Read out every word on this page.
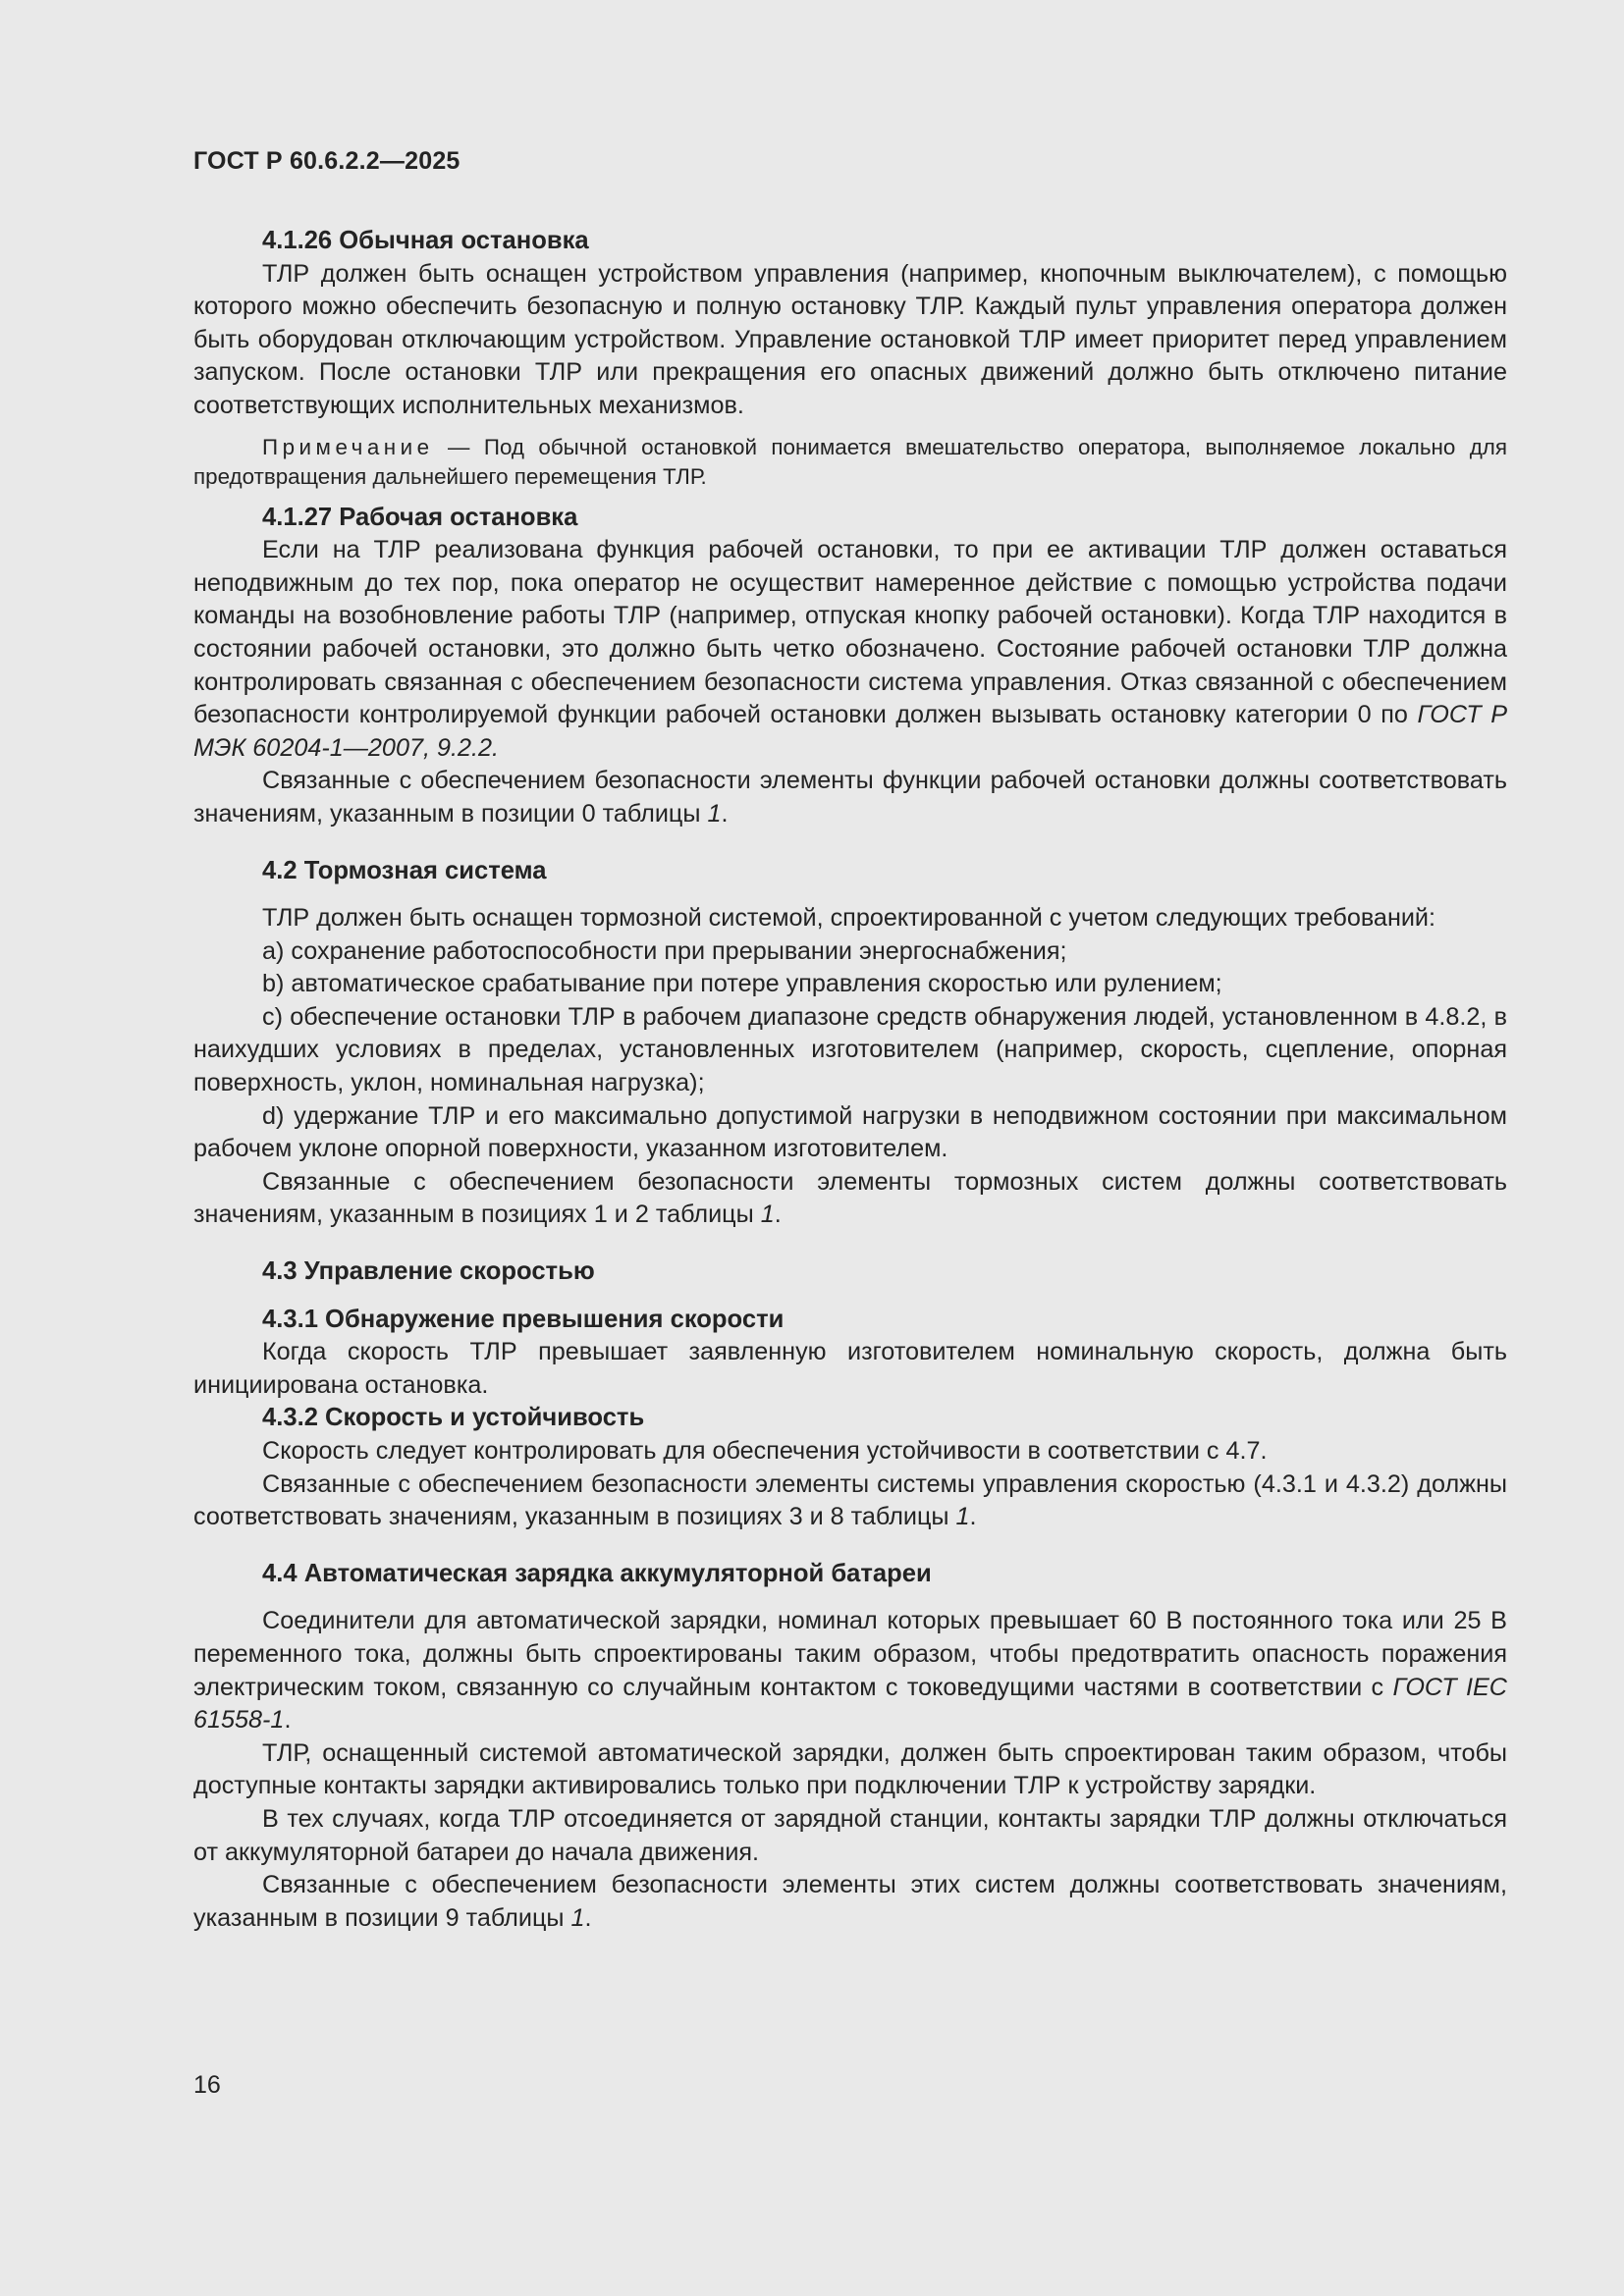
ГОСТ Р 60.6.2.2—2025
4.1.26 Обычная остановка

ТЛР должен быть оснащен устройством управления (например, кнопочным выключателем), с помощью которого можно обеспечить безопасную и полную остановку ТЛР. Каждый пульт управления оператора должен быть оборудован отключающим устройством. Управление остановкой ТЛР имеет приоритет перед управлением запуском. После остановки ТЛР или прекращения его опасных движений должно быть отключено питание соответствующих исполнительных механизмов.

Примечание — Под обычной остановкой понимается вмешательство оператора, выполняемое локально для предотвращения дальнейшего перемещения ТЛР.

4.1.27 Рабочая остановка

Если на ТЛР реализована функция рабочей остановки, то при ее активации ТЛР должен оставаться неподвижным до тех пор, пока оператор не осуществит намеренное действие с помощью устройства подачи команды на возобновление работы ТЛР (например, отпуская кнопку рабочей остановки). Когда ТЛР находится в состоянии рабочей остановки, это должно быть четко обозначено. Состояние рабочей остановки ТЛР должна контролировать связанная с обеспечением безопасности система управления. Отказ связанной с обеспечением безопасности контролируемой функции рабочей остановки должен вызывать остановку категории 0 по ГОСТ Р МЭК 60204-1—2007, 9.2.2.

Связанные с обеспечением безопасности элементы функции рабочей остановки должны соответствовать значениям, указанным в позиции 0 таблицы 1.

4.2 Тормозная система

ТЛР должен быть оснащен тормозной системой, спроектированной с учетом следующих требований:

a) сохранение работоспособности при прерывании энергоснабжения;

b) автоматическое срабатывание при потере управления скоростью или рулением;

c) обеспечение остановки ТЛР в рабочем диапазоне средств обнаружения людей, установленном в 4.8.2, в наихудших условиях в пределах, установленных изготовителем (например, скорость, сцепление, опорная поверхность, уклон, номинальная нагрузка);

d) удержание ТЛР и его максимально допустимой нагрузки в неподвижном состоянии при максимальном рабочем уклоне опорной поверхности, указанном изготовителем.

Связанные с обеспечением безопасности элементы тормозных систем должны соответствовать значениям, указанным в позициях 1 и 2 таблицы 1.

4.3 Управление скоростью
4.3.1 Обнаружение превышения скорости

Когда скорость ТЛР превышает заявленную изготовителем номинальную скорость, должна быть инициирована остановка.

4.3.2 Скорость и устойчивость

Скорость следует контролировать для обеспечения устойчивости в соответствии с 4.7.

Связанные с обеспечением безопасности элементы системы управления скоростью (4.3.1 и 4.3.2) должны соответствовать значениям, указанным в позициях 3 и 8 таблицы 1.

4.4 Автоматическая зарядка аккумуляторной батареи

Соединители для автоматической зарядки, номинал которых превышает 60 В постоянного тока или 25 В переменного тока, должны быть спроектированы таким образом, чтобы предотвратить опасность поражения электрическим током, связанную со случайным контактом с токоведущими частями в соответствии с ГОСТ IEC 61558-1.

ТЛР, оснащенный системой автоматической зарядки, должен быть спроектирован таким образом, чтобы доступные контакты зарядки активировались только при подключении ТЛР к устройству зарядки.

В тех случаях, когда ТЛР отсоединяется от зарядной станции, контакты зарядки ТЛР должны отключаться от аккумуляторной батареи до начала движения.

Связанные с обеспечением безопасности элементы этих систем должны соответствовать значениям, указанным в позиции 9 таблицы 1.

16
